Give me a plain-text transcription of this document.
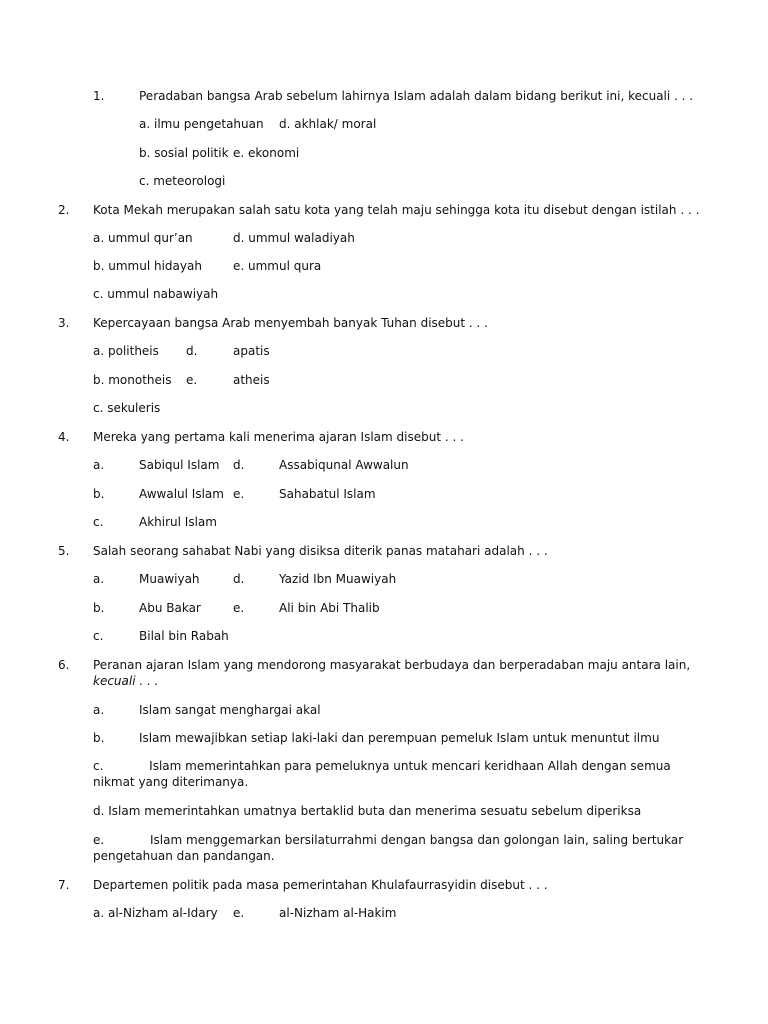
1.	Peradaban bangsa Arab sebelum lahirnya Islam adalah dalam bidang berikut ini, kecuali . . .
a. ilmu pengetahuan d. akhlak/ moral
b. sosial politik e. ekonomi
c. meteorologi
2. Kota Mekah merupakan salah satu kota yang telah maju sehingga kota itu disebut dengan istilah . . .
a. ummul qur’an	d. ummul waladiyah
b. ummul hidayah	e. ummul qura
c. ummul nabawiyah
3. Kepercayaan bangsa Arab menyembah banyak Tuhan disebut . . .
a. politheis d.	apatis
b. monotheis e.	atheis
c. sekuleris
4. Mereka yang pertama kali menerima ajaran Islam disebut . . .
a.	Sabiqul Islam d.	Assabiqunal Awwalun
b.	Awwalul Islam e.	Sahabatul Islam
c.	Akhirul Islam
5. Salah seorang sahabat Nabi yang disiksa diterik panas matahari adalah . . .
a.	Muawiyah	d.	Yazid Ibn Muawiyah
b.	Abu Bakar	e.	Ali bin Abi Thalib
c.	Bilal bin Rabah
6. Peranan ajaran Islam yang mendorong masyarakat berbudaya dan berperadaban maju antara lain,
kecuali . . .
a.	Islam sangat menghargai akal
b.	Islam mewajibkan setiap laki-laki dan perempuan pemeluk Islam untuk menuntut ilmu
c.            Islam memerintahkan para pemeluknya untuk mencari keridhaan Allah dengan semua
nikmat yang diterimanya.
d. Islam memerintahkan umatnya bertaklid buta dan menerima sesuatu sebelum diperiksa
e.            Islam menggemarkan bersilaturrahmi dengan bangsa dan golongan lain, saling bertukar
pengetahuan dan pandangan.
7. Departemen politik pada masa pemerintahan Khulafaurrasyidin disebut . . .
a. al-Nizham al-Idary e.	al-Nizham al-Hakim
